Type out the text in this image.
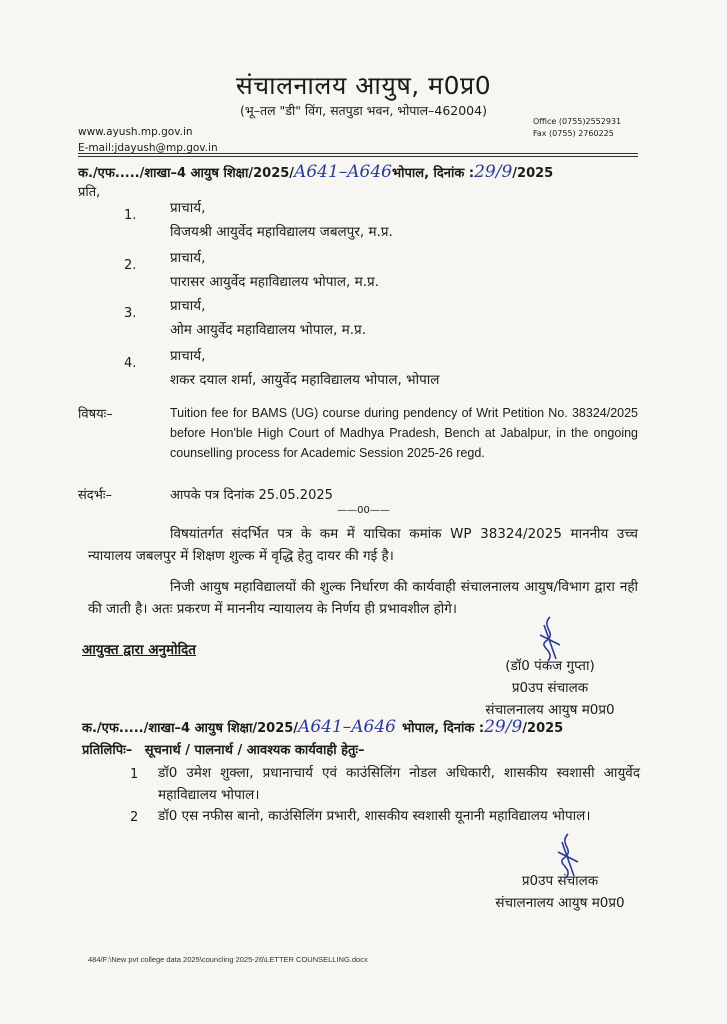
संचालनालय आयुष, म0प्र0
(भू–तल "डी" विंग, सतपुडा भवन, भोपाल–462004)
www.ayush.mp.gov.in
E-mail:jdayush@mp.gov.in
Office (0755)2552931
Fax (0755) 2760225
क./एफ...../शाखा–4 आयुष शिक्षा/2025/A641–A646भोपाल, दिनांक :29/9/2025
प्रति,
1. प्राचार्य,
विजयश्री आयुर्वेद महाविद्यालय जबलपुर, म.प्र.
2. प्राचार्य,
पारासर आयुर्वेद महाविद्यालय भोपाल, म.प्र.
3. प्राचार्य,
ओम आयुर्वेद महाविद्यालय भोपाल, म.प्र.
4. प्राचार्य,
शकर दयाल शर्मा, आयुर्वेद महाविद्यालय भोपाल, भोपाल
विषयः–	Tuition fee for BAMS (UG) course during pendency of Writ Petition No. 38324/2025 before Hon'ble High Court of Madhya Pradesh, Bench at Jabalpur, in the ongoing counselling process for Academic Session 2025-26 regd.
संदर्भः–	आपके पत्र दिनांक 25.05.2025
——00——
विषयांतर्गत संदर्भित पत्र के कम में याचिका कमांक WP 38324/2025 माननीय उच्च न्यायालय जबलपुर में शिक्षण शुल्क में वृद्धि हेतु दायर की गई है।
निजी आयुष महाविद्यालयों की शुल्क निर्धारण की कार्यवाही संचालनालय आयुष/विभाग द्वारा नही की जाती है। अतः प्रकरण में माननीय न्यायालय के निर्णय ही प्रभावशील होगे।
आयुक्त द्वारा अनुमोदित
(डॉ0 पंकज गुप्ता)
प्र0उप संचालक
संचालनालय आयुष म0प्र0
क./एफ...../शाखा–4 आयुष शिक्षा/2025/A641–A646 भोपाल, दिनांक :29/9/2025
प्रतिलिपिः– सूचनार्थ / पालनार्थ / आवश्यक कार्यवाही हेतुः–
1 डॉ0 उमेश शुक्ला, प्रधानाचार्य एवं काउंसिलिंग नोडल अधिकारी, शासकीय स्वशासी आयुर्वेद महाविद्यालय भोपाल।
2 डॉ0 एस नफीस बानो, काउंसिलिंग प्रभारी, शासकीय स्वशासी यूनानी महाविद्यालय भोपाल।
प्र0उप संचालक
संचालनालय आयुष म0प्र0
484/F:\New pvt college data 2025\councling 2025-26\LETTER COUNSELLING.docx
